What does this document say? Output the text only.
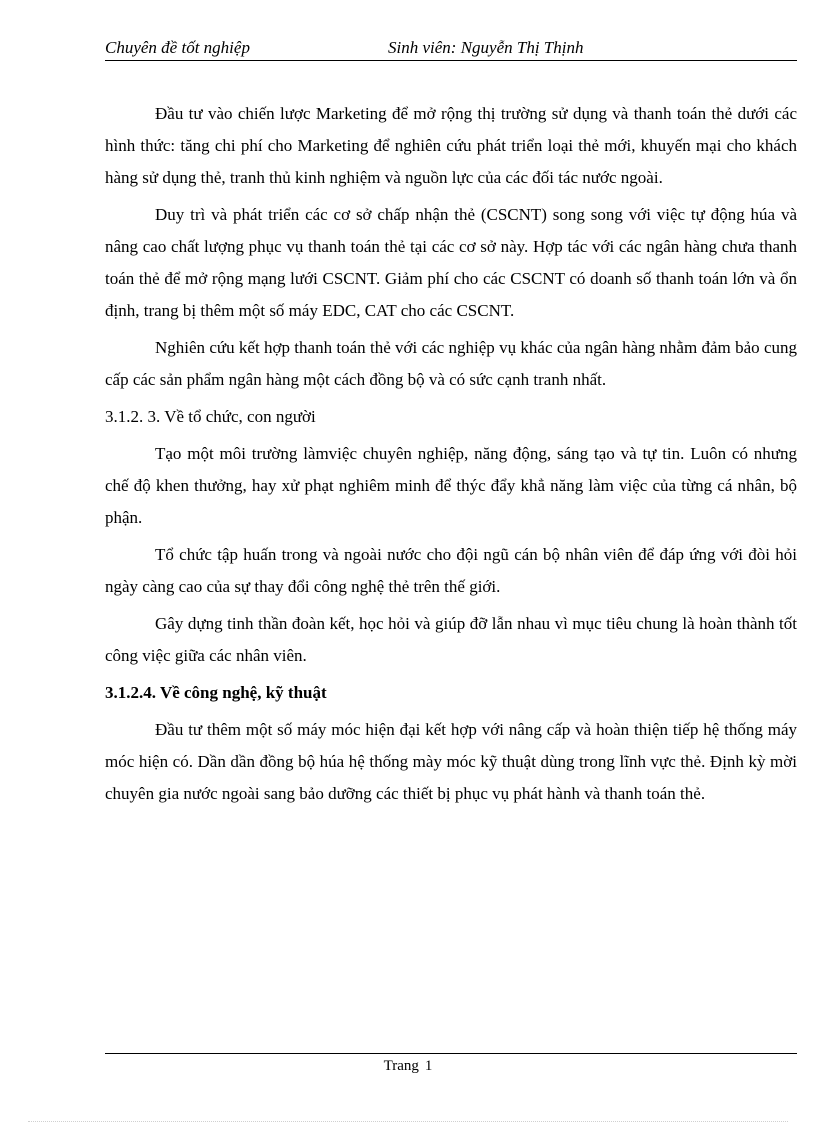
Chuyên đề tốt nghiệp	Sinh viên: Nguyễn Thị Thịnh

Đầu tư vào chiến lược Marketing để mở rộng thị trường sử dụng và thanh toán thẻ dưới các hình thức: tăng chi phí cho Marketing để nghiên cứu phát triển loại thẻ mới, khuyến mại cho khách hàng sử dụng thẻ, tranh thủ kinh nghiệm và nguồn lực của các đối tác nước ngoài.

Duy trì và phát triển các cơ sở chấp nhận thẻ (CSCNT) song song với việc tự động húa và nâng cao chất lượng phục vụ thanh toán thẻ tại các cơ sở này. Hợp tác với các ngân hàng chưa thanh toán thẻ để mở rộng mạng lưới CSCNT. Giảm phí cho các CSCNT có doanh số thanh toán lớn và ổn định, trang bị thêm một số máy EDC, CAT cho các CSCNT.

Nghiên cứu kết hợp thanh toán thẻ với các nghiệp vụ khác của ngân hàng nhằm đảm bảo cung cấp các sản phẩm ngân hàng một cách đồng bộ và có sức cạnh tranh nhất.

3.1.2. 3. Về tổ chức, con người

Tạo một môi trường làmviệc chuyên nghiệp, năng động, sáng tạo và tự tin. Luôn có nhưng chế độ khen thưởng, hay xử phạt nghiêm minh để thýc đẩy khẳ năng làm việc của từng cá nhân, bộ phận.

Tổ chức tập huấn trong và ngoài nước cho đội ngũ cán bộ nhân viên để đáp ứng với đòi hỏi ngày càng cao của sự thay đổi công nghệ thẻ trên thế giới.

Gây dựng tinh thần đoàn kết, học hỏi và giúp đỡ lẫn nhau vì mục tiêu chung là hoàn thành tốt công việc giữa các nhân viên.

3.1.2.4. Về công nghệ, kỹ thuật

Đầu tư thêm một số máy móc hiện đại kết hợp với nâng cấp và hoàn thiện tiếp hệ thống máy móc hiện có. Dần dần đồng bộ húa hệ thống mày móc kỹ thuật dùng trong lĩnh vực thẻ. Định kỳ mời chuyên gia nước ngoài sang bảo dưỡng các thiết bị phục vụ phát hành và thanh toán thẻ.

Trang 1
